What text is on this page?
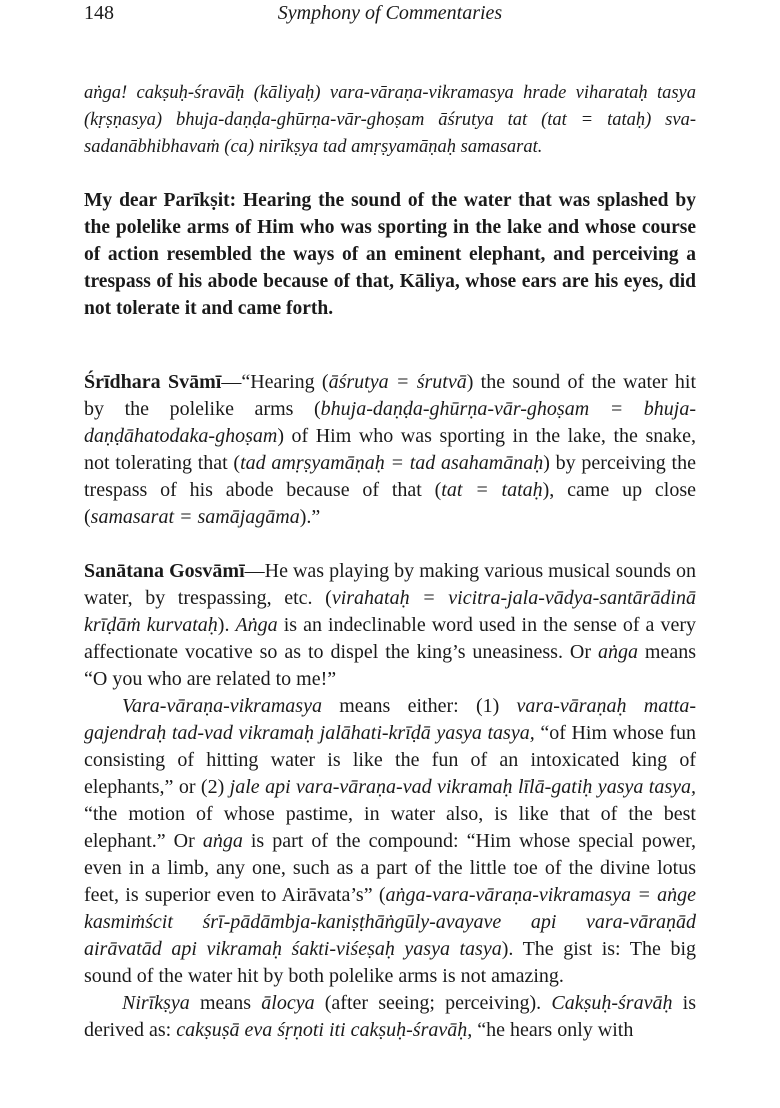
148	Symphony of Commentaries

aṅga! cakṣuḥ-śravāḥ (kāliyaḥ) vara-vāraṇa-vikramasya hrade viharataḥ tasya (kṛṣṇasya) bhuja-daṇḍa-ghūrṇa-vār-ghoṣam āśrutya tat (tat = tataḥ) sva-sadanābhibhavaṁ (ca) nirīkṣya tad amṛṣyamāṇaḥ samasarat.

My dear Parīkṣit: Hearing the sound of the water that was splashed by the polelike arms of Him who was sporting in the lake and whose course of action resembled the ways of an eminent elephant, and perceiving a trespass of his abode because of that, Kāliya, whose ears are his eyes, did not tolerate it and came forth.

Śrīdhara Svāmī—“Hearing (āśrutya = śrutvā) the sound of the water hit by the polelike arms (bhuja-daṇḍa-ghūrṇa-vār-ghoṣam = bhuja-daṇḍāhatodaka-ghoṣam) of Him who was sporting in the lake, the snake, not tolerating that (tad amṛṣyamāṇaḥ = tad asahamānaḥ) by perceiving the trespass of his abode because of that (tat = tataḥ), came up close (samasarat = samājagāma).”

Sanātana Gosvāmī—He was playing by making various musical sounds on water, by trespassing, etc. (virahataḥ = vicitra-jala-vādya-santārādinā krīḍāṁ kurvataḥ). Aṅga is an indeclinable word used in the sense of a very affectionate vocative so as to dispel the king’s uneasiness. Or aṅga means “O you who are related to me!”

Vara-vāraṇa-vikramasya means either: (1) vara-vāraṇaḥ matta-gajendraḥ tad-vad vikramaḥ jalāhati-krīḍā yasya tasya, “of Him whose fun consisting of hitting water is like the fun of an intoxicated king of elephants,” or (2) jale api vara-vāraṇa-vad vikramaḥ līlā-gatiḥ yasya tasya, “the motion of whose pastime, in water also, is like that of the best elephant.” Or aṅga is part of the compound: “Him whose special power, even in a limb, any one, such as a part of the little toe of the divine lotus feet, is superior even to Airāvata’s” (aṅga-vara-vāraṇa-vikramasya = aṅge kasmiṁścit śrī-pādāmbja-kaniṣṭhāṅgūly-avayave api vara-vāraṇād airāvatād api vikramaḥ śakti-viśeṣaḥ yasya tasya). The gist is: The big sound of the water hit by both polelike arms is not amazing.

Nirīkṣya means ālocya (after seeing; perceiving). Cakṣuḥ-śravāḥ is derived as: cakṣuṣā eva śṛṇoti iti cakṣuḥ-śravāḥ, “he hears only with
